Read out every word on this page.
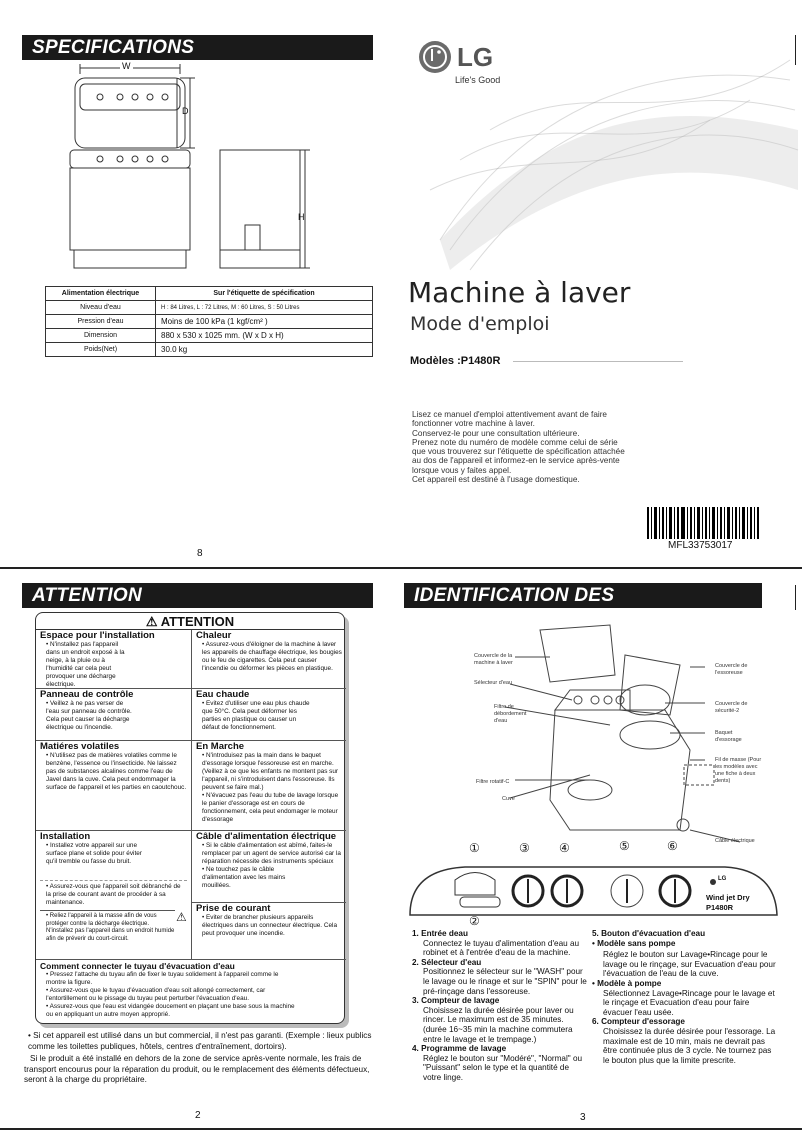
SPECIFICATIONS
W
D
H
Alimentation électrique	Sur l'étiquette de spécification
Niveau d'eau	H : 84 Litres, L : 72 Litres, M : 60 Litres, S : 50 Litres
Pression d'eau	Moins de 100 kPa (1 kgf/cm² )
Dimension	880 x 530 x 1025 mm. (W x D x H)
Poids(Net)	30.0 kg
8
LG
Life's Good
Machine à laver
Mode d'emploi
Modèles : P1480R
Lisez ce manuel d'emploi attentivement avant de faire
fonctionner votre machine à laver.
Conservez-le pour une consultation ultérieure.
Prenez note du numéro de modèle comme celui de série
que vous trouverez sur l'étiquette de spécification attachée
au dos de l'appareil et informez-en le service après-vente
lorsque vous y faites appel.
Cet appareil est destiné à l'usage domestique.
MFL33753017
ATTENTION
⚠ ATTENTION
Espace pour l'installation

• N'installez pas l'appareil dans un endroit exposé à la neige, à la pluie ou à l'humidité car cela peut provoquer une décharge électrique.

Chaleur

• Assurez-vous d'éloigner de la machine à laver les appareils de chauffage électrique, les bougies ou le feu de cigarettes. Cela peut causer l'incendie ou déformer les pièces en plastique.

Panneau de contrôle

• Veillez à ne pas verser de l'eau sur panneau de contrôle. Cela peut causer la décharge électrique ou l'incendie.

Eau chaude

• Evitez d'utiliser une eau plus chaude que 50°C. Cela peut déformer les parties en plastique ou causer un défaut de fonctionnement.

Matiéres volatiles

• N'utilisez pas de matières volatiles comme le benzène, l'essence ou l'insecticide. Ne laissez pas de substances alcalines comme l'eau de Javel dans la cuve. Cela peut endommager la surface de l'appareil et les parties en caoutchouc.

En Marche

• N'introduisez pas la main dans le baquet d'essorage lorsque l'essoreuse est en marche. (Veillez à ce que les enfants ne montent pas sur l'appareil, ni s'introduisent dans l'essoreuse. Ils peuvent se faire mal.)

• N'évacuez pas l'eau du tube de lavage lorsque le panier d'essorage est en cours de fonctionnement, cela peut endomager le moteur d'essorage

Installation

• Installez votre appareil sur une surface plane et solide pour éviter qu'il tremble ou fasse du bruit.

• Assurez-vous que l'appareil soit débranché de la prise de courant avant de procéder à sa maintenance.

• Reliez l'appareil à la masse afin de vous protéger contre la décharge électrique. N'installez pas l'appareil dans un endroit humide afin de préverir du court-circuit.

Câble d'alimentation électrique

• Si le câble d'alimentation est abîmé, faites-le remplacer par un agent de service autorisé car la réparation nécessite des instruments spéciaux

• Ne touchez pas le câble d'alimentation avec les mains mouillées.

Prise de courant

• Eviter de brancher plusieurs appareils électriques dans un connecteur électrique. Cela peut provoquer une incendie.

Comment connecter le tuyau d'évacuation d'eau

• Pressez l'attache du tuyau afin de fixer le tuyau solidement à l'appareil comme le montre la figure.

• Assurez-vous que le tuyau d'évacuation d'eau soit allongé correctement, car l'entortillement ou le pissage du tuyau peut perturber l'évacuation d'eau.

• Assurez-vous que l'eau est vidangée doucement en plaçant une base sous la machine ou en appliquant un autre moyen approprié.

⚠

• Si cet appareil est utilisé dans un but commercial, il n'est pas garanti. (Exemple : lieux publics comme les toilettes publiques, hôtels, centres d'entraînement, dortoirs).

Si le produit a été installé en dehors de la zone de service après-vente normale, les frais de transport encourus pour la réparation du produit, ou le remplacement des éléments défectueux, seront à la charge du propriétaire.

2
IDENTIFICATION DES COMPOSANTS
Couvercle de la machine à laver
Sélecteur d'eau
Filtre de débordement d'eau
Filtre rotatif-C
Cuve
Couvercle de l'essoreuse
Couvercle de sécurité-2
Baquet d'essorage
Fil de masse (Pour les modèles avec une fiche à deux dents)
Câble électrique
①
②
③ ④	⑤	⑥
LG
Wind jet Dry
P1480R
1. Entrée deau
Connectez le tuyau d'alimentation d'eau au robinet et à l'entrée d'eau de la machine.
2. Sélecteur d'eau
Positionnez le sélecteur sur le "WASH" pour le lavage ou le rinage et sur le "SPIN" pour le pré-rinçage dans l'essoreuse.
3. Compteur de lavage
Choisissez la durée désirée pour laver ou rincer. Le maximum est de 35 minutes. (durée 16~35 min la machine commutera entre le lavage et le trempage.)
4. Programme de lavage
Réglez le bouton sur "Modéré", "Normal" ou "Puissant" selon le type et la quantité de votre linge.
5. Bouton d'évacuation d'eau
• Modèle sans pompe
Réglez le bouton sur Lavage•Rincage pour le lavage ou le rinçage, sur Evacuation d'eau pour l'évacuation de l'eau de la cuve.
• Modèle à pompe
Sélectionnez Lavage•Rincage pour le lavage et le rinçage et Evacuation d'eau pour faire évacuer l'eau usée.
6. Compteur d'essorage
Choisissez la durée désirée pour l'essorage. La maximale est de 10 min, mais ne devrait pas être continuée plus de 3 cycle. Ne tournez pas le bouton plus que la limite prescrite.
3
